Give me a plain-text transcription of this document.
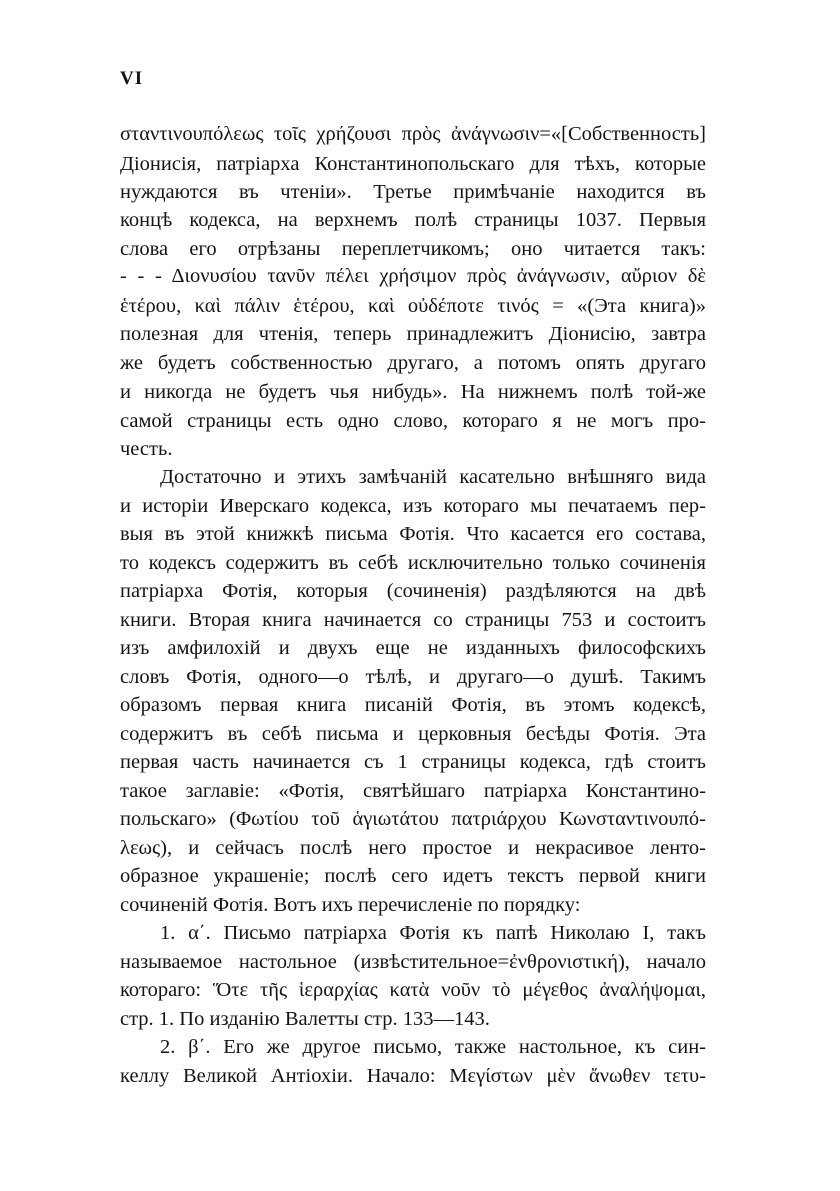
VI
σταντινουπόλεως τοῖς χρήζουσι πρὸς ἀνάγνωσιν=«[Собственность]
Діонисія, патріарха Константинопольскаго для тѣхъ, которые
нуждаются въ чтеніи». Третье примѣчаніе находится въ
концѣ кодекса, на верхнемъ полѣ страницы 1037. Первыя
слова его отрѣзаны переплетчикомъ; оно читается такъ:
- - - Διονυσίου τανῦν πέλει χρήσιμον πρὸς ἀνάγνωσιν, αὔριον δὲ
ἑτέρου, καὶ πάλιν ἑτέρου, καὶ οὐδέποτε τινός = «(Эта книга)»
полезная для чтенія, теперь принадлежитъ Діонисію, завтра
же будетъ собственностью другаго, а потомъ опять другаго
и никогда не будетъ чья нибудь». На нижнемъ полѣ той-же
самой страницы есть одно слово, котораго я не могъ про-
честь.
Достаточно и этихъ замѣчаній касательно внѣшняго вида
и исторіи Иверскаго кодекса, изъ котораго мы печатаемъ пер-
выя въ этой книжкѣ письма Фотія. Что касается его состава,
то кодексъ содержитъ въ себѣ исключительно только сочиненія
патріарха Фотія, которыя (сочиненія) раздѣляются на двѣ
книги. Вторая книга начинается со страницы 753 и состоитъ
изъ амфилохій и двухъ еще не изданныхъ философскихъ
словъ Фотія, одного—о тѣлѣ, и другаго—о душѣ. Такимъ
образомъ первая книга писаній Фотія, въ этомъ кодексѣ,
содержитъ въ себѣ письма и церковныя бесѣды Фотія. Эта
первая часть начинается съ 1 страницы кодекса, гдѣ стоитъ
такое заглавіе: «Фотія, святѣйшаго патріарха Константино-
польскаго» (Φωτίου τοῦ ἁγιωτάτου πατριάρχου Κωνσταντινουπό-
λεως), и сейчасъ послѣ него простое и некрасивое ленто-
образное украшеніе; послѣ сего идетъ текстъ первой книги
сочиненій Фотія. Вотъ ихъ перечисленіе по порядку:
1. α΄. Письмо патріарха Фотія къ папѣ Николаю I, такъ
называемое настольное (извѣстительное=ἐνθρονιστική), начало
котораго: Ὅτε τῆς ἱεραρχίας κατὰ νοῦν τὸ μέγεθος ἀναλήψομαι,
стр. 1. По изданію Валетты стр. 133—143.
2. β΄. Его же другое письмо, также настольное, къ син-
келлу Великой Антіохіи. Начало: Μεγίστων μὲν ἄνωθεν τετυ-
